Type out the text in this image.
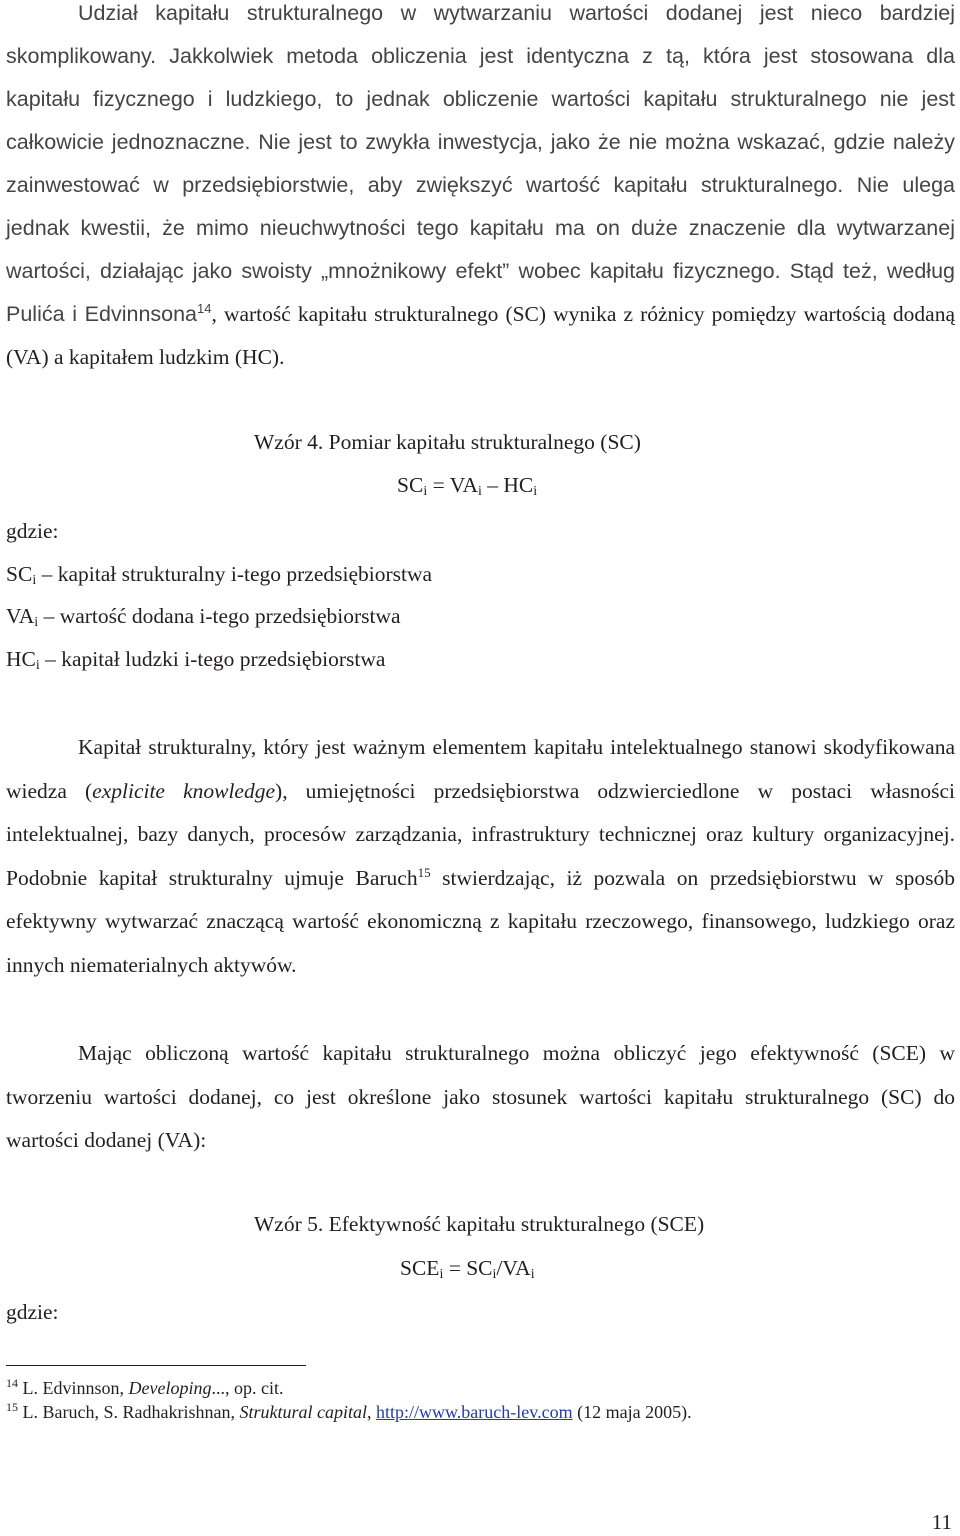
Udział kapitału strukturalnego w wytwarzaniu wartości dodanej jest nieco bardziej skomplikowany. Jakkolwiek metoda obliczenia jest identyczna z tą, która jest stosowana dla kapitału fizycznego i ludzkiego, to jednak obliczenie wartości kapitału strukturalnego nie jest całkowicie jednoznaczne. Nie jest to zwykła inwestycja, jako że nie można wskazać, gdzie należy zainwestować w przedsiębiorstwie, aby zwiększyć wartość kapitału strukturalnego. Nie ulega jednak kwestii, że mimo nieuchwytności tego kapitału ma on duże znaczenie dla wytwarzanej wartości, działając jako swoisty „mnożnikowy efekt” wobec kapitału fizycznego. Stąd też, według Pulića i Edvinnsona$^{14}$, wartość kapitału strukturalnego (SC) wynika z różnicy pomiędzy wartością dodaną (VA) a kapitałem ludzkim (HC).

Wzór 4. Pomiar kapitału strukturalnego (SC)

$SC_i = VA_i - HC_i$

gdzie:

$SC_i$ – kapitał strukturalny i-tego przedsiębiorstwa

$VA_i$ – wartość dodana i-tego przedsiębiorstwa

$HC_i$ – kapitał ludzki i-tego przedsiębiorstwa

Kapitał strukturalny, który jest ważnym elementem kapitału intelektualnego stanowi skodyfikowana wiedza (explicite knowledge), umiejętności przedsiębiorstwa odzwierciedlone w postaci własności intelektualnej, bazy danych, procesów zarządzania, infrastruktury technicznej oraz kultury organizacyjnej. Podobnie kapitał strukturalny ujmuje Baruch$^{15}$ stwierdzając, iż pozwala on przedsiębiorstwu w sposób efektywny wytwarzać znaczącą wartość ekonomiczną z kapitału rzeczowego, finansowego, ludzkiego oraz innych niematerialnych aktywów.

Mając obliczoną wartość kapitału strukturalnego można obliczyć jego efektywność (SCE) w tworzeniu wartości dodanej, co jest określone jako stosunek wartości kapitału strukturalnego (SC) do wartości dodanej (VA):

Wzór 5. Efektywność kapitału strukturalnego (SCE)

$SCE_i = SC_i/VA_i$

gdzie:

$^{14}$ L. Edvinnson, Developing..., op. cit.

$^{15}$ L. Baruch, S. Radhakrishnan, Struktural capital, http://www.baruch-lev.com (12 maja 2005).

11
